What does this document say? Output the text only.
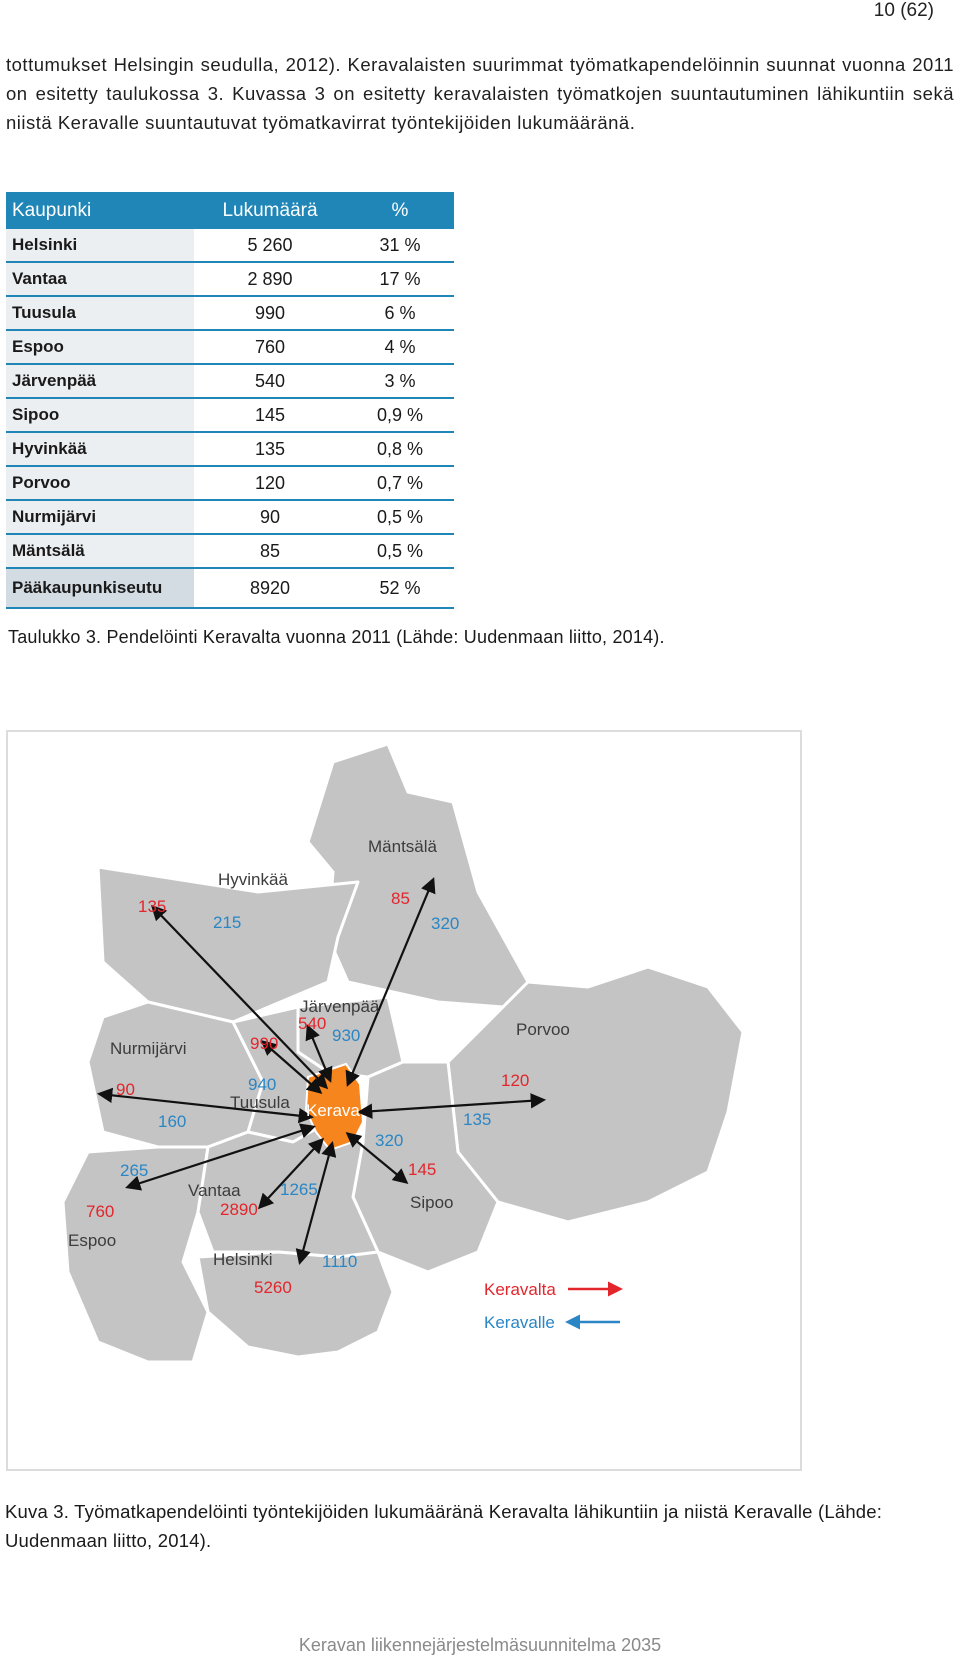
10 (62)

tottumukset Helsingin seudulla, 2012). Keravalaisten suurimmat työmatkapendelöinnin suunnat vuonna 2011 on esitetty taulukossa 3. Kuvassa 3 on esitetty keravalaisten työmatkojen suuntautuminen lähikuntiin sekä niistä Keravalle suuntautuvat työmatkavirrat työntekijöiden lukumääränä.

Kaupunki	Lukumäärä	%
Helsinki	5 260	31 %
Vantaa	2 890	17 %
Tuusula	990	6 %
Espoo	760	4 %
Järvenpää	540	3 %
Sipoo	145	0,9 %
Hyvinkää	135	0,8 %
Porvoo	120	0,7 %
Nurmijärvi	90	0,5 %
Mäntsälä	85	0,5 %
Pääkaupunkiseutu	8920	52 %
Taulukko 3. Pendelöinti Keravalta vuonna 2011 (Lähde: Uudenmaan liitto, 2014).
Mäntsälä
Hyvinkää
Järvenpää
Porvoo
Nurmijärvi
Tuusula
Vantaa
Espoo
Helsinki
Sipoo
Kerava
135	85
540
990
90	120
145
760	2890
5260
215	320
930
940
160	135
320
265
1265
1110
Keravalta
Keravalle

Kuva 3. Työmatkapendelöinti työntekijöiden lukumääränä Keravalta lähikuntiin ja niistä Keravalle (Lähde: Uudenmaan liitto, 2014).

Keravan liikennejärjestelmäsuunnitelma 2035
